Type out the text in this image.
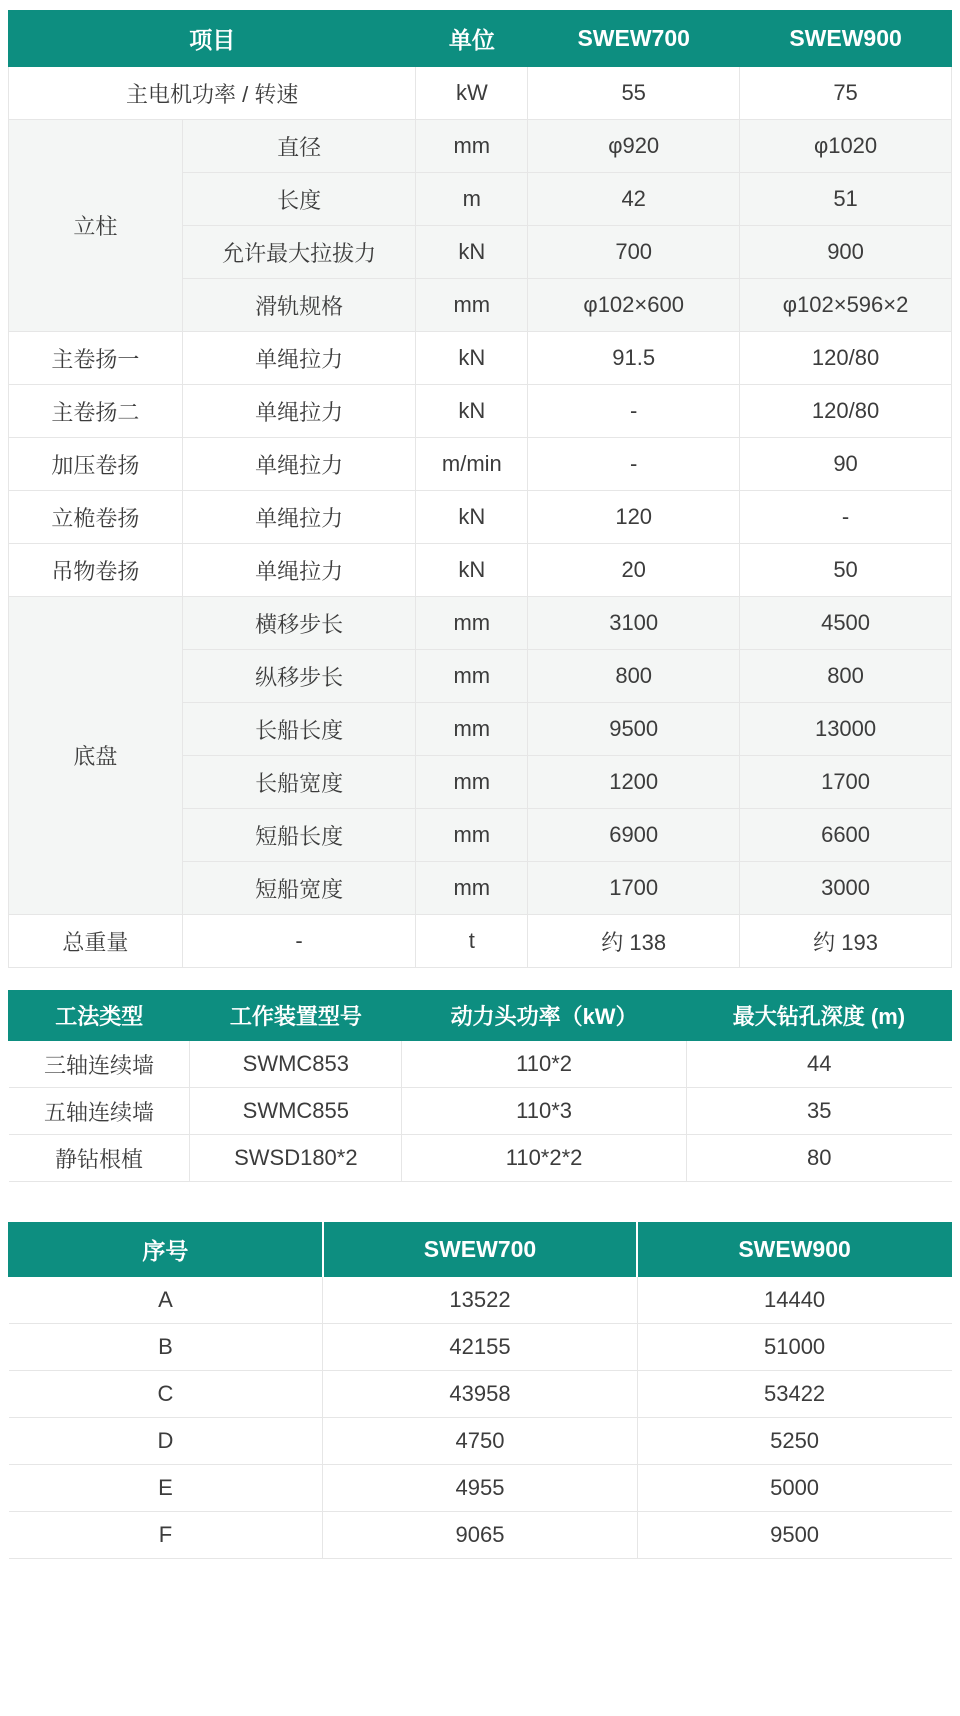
项目		单位	SWEW700	SWEW900
主电机功率 / 转速		kW	55	75
立柱	直径	mm	φ920	φ1020
	长度	m	42	51
	允许最大拉拔力	kN	700	900
	滑轨规格	mm	φ102×600	φ102×596×2
主卷扬一	单绳拉力	kN	91.5	120/80
主卷扬二	单绳拉力	kN	-	120/80
加压卷扬	单绳拉力	m/min	-	90
立桅卷扬	单绳拉力	kN	120	-
吊物卷扬	单绳拉力	kN	20	50
底盘	横移步长	mm	3100	4500
	纵移步长	mm	800	800
	长船长度	mm	9500	13000
	长船宽度	mm	1200	1700
	短船长度	mm	6900	6600
	短船宽度	mm	1700	3000
总重量	-	t	约 138	约 193
工法类型	工作装置型号	动力头功率（kW）	最大钻孔深度 (m)
三轴连续墙	SWMC853	110*2	44
五轴连续墙	SWMC855	110*3	35
静钻根植	SWSD180*2	110*2*2	80
序号	SWEW700	SWEW900
A	13522	14440
B	42155	51000
C	43958	53422
D	4750	5250
E	4955	5000
F	9065	9500
